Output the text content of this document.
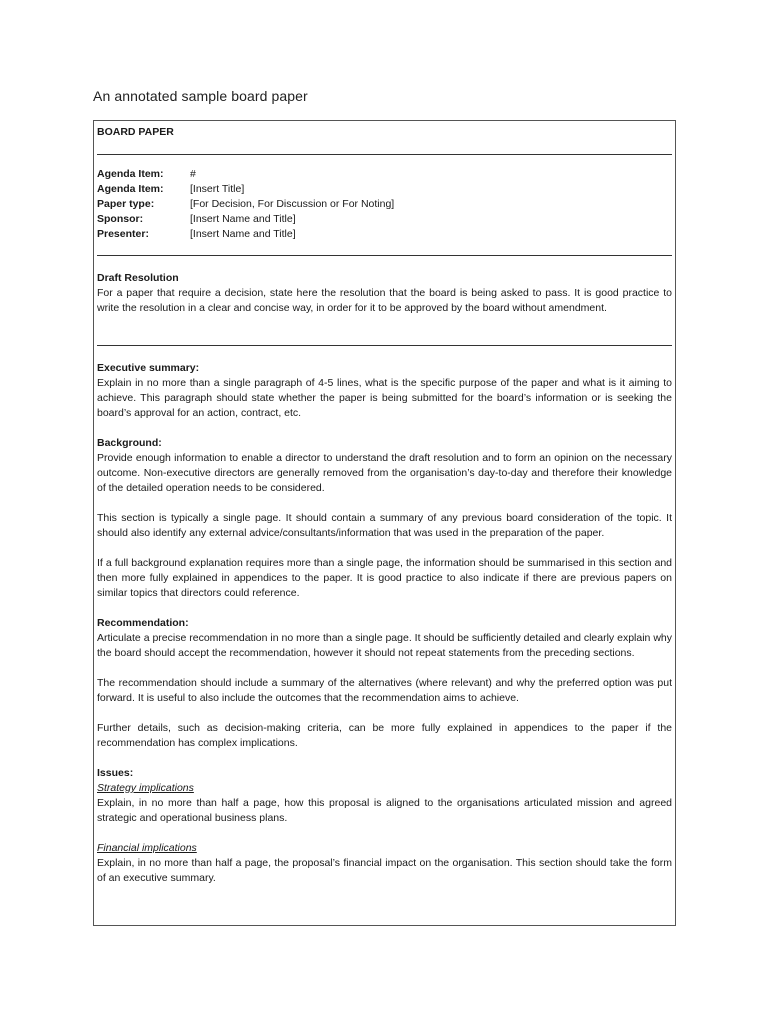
An annotated sample board paper
BOARD PAPER
Agenda Item:	#
Agenda Item:	[Insert Title]
Paper type:	[For Decision, For Discussion or For Noting]
Sponsor:	[Insert Name and Title]
Presenter:	[Insert Name and Title]
Draft Resolution

For a paper that require a decision, state here the resolution that the board is being asked to pass. It is good practice to write the resolution in a clear and concise way, in order for it to be approved by the board without amendment.

Executive summary:

Explain in no more than a single paragraph of 4-5 lines, what is the specific purpose of the paper and what is it aiming to achieve. This paragraph should state whether the paper is being submitted for the board’s information or is seeking the board’s approval for an action, contract, etc.

Background:

Provide enough information to enable a director to understand the draft resolution and to form an opinion on the necessary outcome. Non-executive directors are generally removed from the organisation’s day-to-day and therefore their knowledge of the detailed operation needs to be considered.

This section is typically a single page. It should contain a summary of any previous board consideration of the topic. It should also identify any external advice/consultants/information that was used in the preparation of the paper.

If a full background explanation requires more than a single page, the information should be summarised in this section and then more fully explained in appendices to the paper. It is good practice to also indicate if there are previous papers on similar topics that directors could reference.

Recommendation:

Articulate a precise recommendation in no more than a single page. It should be sufficiently detailed and clearly explain why the board should accept the recommendation, however it should not repeat statements from the preceding sections.

The recommendation should include a summary of the alternatives (where relevant) and why the preferred option was put forward. It is useful to also include the outcomes that the recommendation aims to achieve.

Further details, such as decision-making criteria, can be more fully explained in appendices to the paper if the recommendation has complex implications.

Issues:
Strategy implications

Explain, in no more than half a page, how this proposal is aligned to the organisations articulated mission and agreed strategic and operational business plans.

Financial implications

Explain, in no more than half a page, the proposal’s financial impact on the organisation. This section should take the form of an executive summary.
